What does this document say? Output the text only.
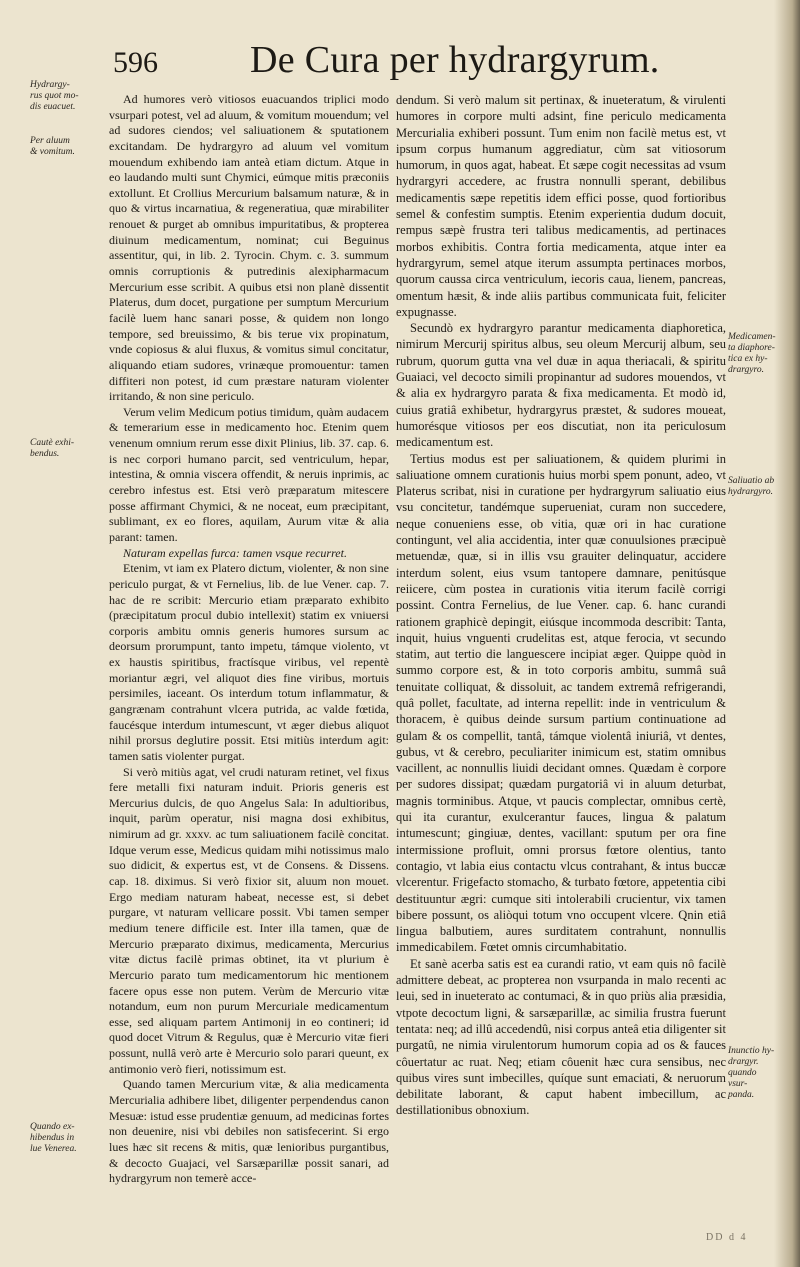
596 De Cura per hydrargyrum.
Hydrargy-
rus quot mo-
dis euacuet.
Per aluum
& vomitum.
Cautè exhi-
bendus.
Quando ex-
hibendus in
lue Venerea.
Medicamen-
ta diaphore-
tica ex hy-
drargyro.
Saliuatio ab
hydrargyro.
Inunctio hy-
drargyr.
quando vsur-
panda.

Ad humores verò vitiosos euacuandos triplici modo vsurpari potest, vel ad aluum, & vomitum mouendum; vel ad sudores ciendos; vel saliuationem & sputationem excitandam. De hydrargyro ad aluum vel vomitum mouendum exhibendo iam anteà etiam dictum. Atque in eo laudando multi sunt Chymici, eúmque mitis præconiis extollunt. Et Crollius Mercurium balsamum naturæ, & in quo & virtus incarnatiua, & regeneratiua, quæ mirabiliter renouet & purget ab omnibus impuritatibus, & propterea diuinum medicamentum, nominat; cui Beguinus assentitur, qui, in lib. 2. Tyrocin. Chym. c. 3. summum omnis corruptionis & putredinis alexipharmacum Mercurium esse scribit. A quibus etsi non planè dissentit Platerus, dum docet, purgatione per sumptum Mercurium facilè luem hanc sanari posse, & quidem non longo tempore, sed breuissimo, & bis terue vix propinatum, vnde copiosus & alui fluxus, & vomitus simul concitatur, aliquando etiam sudores, vrinæque promouentur: tamen diffiteri non potest, id cum præstare naturam violenter irritando, & non sine periculo.

Verum velim Medicum potius timidum, quàm audacem & temerarium esse in medicamento hoc. Etenim quem venenum omnium rerum esse dixit Plinius, lib. 37. cap. 6. is nec corpori humano parcit, sed ventriculum, hepar, intestina, & omnia viscera offendit, & neruis inprimis, ac cerebro infestus est. Etsi verò præparatum mitescere posse affirmant Chymici, & ne noceat, eum præcipitant, sublimant, ex eo flores, aquilam, Aurum vitæ & alia parant: tamen.

Naturam expellas furca: tamen vsque recurret.

Etenim, vt iam ex Platero dictum, violenter, & non sine periculo purgat, & vt Fernelius, lib. de lue Vener. cap. 7. hac de re scribit: Mercurio etiam præparato exhibito (præcipitatum procul dubio intellexit) statim ex vniuersi corporis ambitu omnis generis humores sursum ac deorsum prorumpunt, tanto impetu, támque violento, vt ex haustis spiritibus, fractísque viribus, vel repentè moriantur ægri, vel aliquot dies fine viribus, mortuis persimiles, iaceant. Os interdum totum inflammatur, & gangrænam contrahunt vlcera putrida, ac valde fœtida, faucésque interdum intumescunt, vt æger diebus aliquot nihil prorsus deglutire possit. Etsi mitiùs interdum agit: tamen satis violenter purgat.

Si verò mitiùs agat, vel crudi naturam retinet, vel fixus fere metalli fixi naturam induit. Prioris generis est Mercurius dulcis, de quo Angelus Sala: In adultioribus, inquit, parùm operatur, nisi magna dosi exhibitus, nimirum ad gr. xxxv. ac tum saliuationem facilè concitat. Idque verum esse, Medicus quidam mihi notissimus malo suo didicit, & expertus est, vt de Consens. & Dissens. cap. 18. diximus. Si verò fixior sit, aluum non mouet. Ergo mediam naturam habeat, necesse est, si debet purgare, vt naturam vellicare possit. Vbi tamen semper medium tenere difficile est. Inter illa tamen, quæ de Mercurio præparato diximus, medicamenta, Mercurius vitæ dictus facilè primas obtinet, ita vt plurium è Mercurio parato tum medicamentorum hic mentionem facere opus esse non putem. Verùm de Mercurio vitæ notandum, eum non purum Mercuriale medicamentum esse, sed aliquam partem Antimonij in eo contineri; id quod docet Vitrum & Regulus, quæ è Mercurio vitæ fieri possunt, nullâ verò arte è Mercurio solo parari queunt, ex antimonio verò fieri, notissimum est.

Quando tamen Mercurium vitæ, & alia medicamenta Mercurialia adhibere libet, diligenter perpendendus canon Mesuæ: istud esse prudentiæ genuum, ad medicinas fortes non deuenire, nisi vbi debiles non satisfecerint. Si ergo lues hæc sit recens & mitis, quæ lenioribus purgantibus, & decocto Guajaci, vel Sarsæparillæ possit sanari, ad hydrargyrum non temerè acce-

dendum. Si verò malum sit pertinax, & inueteratum, & virulenti humores in corpore multi adsint, fine periculo medicamenta Mercurialia exhiberi possunt. Tum enim non facilè metus est, vt ipsum corpus humanum aggrediatur, cùm sat vitiosorum humorum, in quos agat, habeat. Et sæpe cogit necessitas ad vsum hydrargyri accedere, ac frustra nonnulli sperant, debilibus medicamentis sæpe repetitis idem effici posse, quod fortioribus semel & confestim sumptis. Etenim experientia dudum docuit, rempus sæpè frustra teri talibus medicamentis, ad pertinaces morbos exhibitis. Contra fortia medicamenta, atque inter ea hydrargyrum, semel atque iterum assumpta pertinaces morbos, quorum caussa circa ventriculum, iecoris caua, lienem, pancreas, omentum hæsit, & inde aliis partibus communicata fuit, feliciter expugnasse.

Secundò ex hydrargyro parantur medicamenta diaphoretica, nimirum Mercurij spiritus albus, seu oleum Mercurij album, seu rubrum, quorum gutta vna vel duæ in aqua theriacali, & spiritu Guaiaci, vel decocto simili propinantur ad sudores mouendos, vt & alia ex hydrargyro parata & fixa medicamenta. Et modò id, cuius gratiâ exhibetur, hydrargyrus præstet, & sudores moueat, humorésque vitiosos per eos discutiat, non ita periculosum medicamentum est.

Tertius modus est per saliuationem, & quidem plurimi in saliuatione omnem curationis huius morbi spem ponunt, adeo, vt Platerus scribat, nisi in curatione per hydrargyrum saliuatio eius vsu concitetur, tandémque superueniat, curam non succedere, neque conueniens esse, ob vitia, quæ ori in hac curatione contingunt, vel alia accidentia, inter quæ conuulsiones præcipuè metuendæ, quæ, si in illis vsu grauiter delinquatur, accidere interdum solent, eius vsum tantopere damnare, penitúsque reiicere, cùm postea in curationis vitia iterum facilè corrigi possint. Contra Fernelius, de lue Vener. cap. 6. hanc curandi rationem graphicè depingit, eiúsque incommoda describit: Tanta, inquit, huius vnguenti crudelitas est, atque ferocia, vt secundo statim, aut tertio die languescere incipiat æger. Quippe quòd in summo corpore est, & in toto corporis ambitu, summâ suâ tenuitate colliquat, & dissoluit, ac tandem extremâ refrigerandi, quâ pollet, facultate, ad interna repellit: inde in ventriculum & thoracem, è quibus deinde sursum partium continuatione ad gulam & os compellit, tantâ, támque violentâ iniuriâ, vt dentes, gubus, vt & cerebro, peculiariter inimicum est, statim omnibus vacillent, ac nonnullis liuidi decidant omnes. Quædam è corpore per sudores dissipat; quædam purgatoriâ vi in aluum deturbat, magnis torminibus. Atque, vt paucis complectar, omnibus certè, qui ita curantur, exulcerantur fauces, lingua & palatum intumescunt; gingiuæ, dentes, vacillant: sputum per ora fine intermissione profluit, omni prorsus fœtore olentius, tanto contagio, vt labia eius contactu vlcus contrahant, & intus buccæ vlcerentur. Frigefacto stomacho, & turbato fœtore, appetentia cibi destituuntur ægri: cumque siti intolerabili crucientur, vix tamen bibere possunt, os aliòqui totum vno occupent vlcere. Qnin etiâ lingua balbutiem, aures surditatem contrahunt, nonnullis immedicabilem. Fœtet omnis circumhabitatio.

Et sanè acerba satis est ea curandi ratio, vt eam quis nô facilè admittere debeat, ac propterea non vsurpanda in malo recenti ac leui, sed in inueterato ac contumaci, & in quo priùs alia præsidia, vtpote decoctum ligni, & sarsæparillæ, ac similia frustra fuerunt tentata: neq; ad illû accedendû, nisi corpus anteâ etia diligenter sit purgatû, ne nimia virulentorum humorum copia ad os & fauces côuertatur ac ruat. Neq; etiam côuenit hæc cura sensibus, nec quibus vires sunt imbecilles, quíque sunt emaciati, & neruorum debilitate laborant, & caput habent imbecillum, ac destillationibus obnoxium.

DD d 4
